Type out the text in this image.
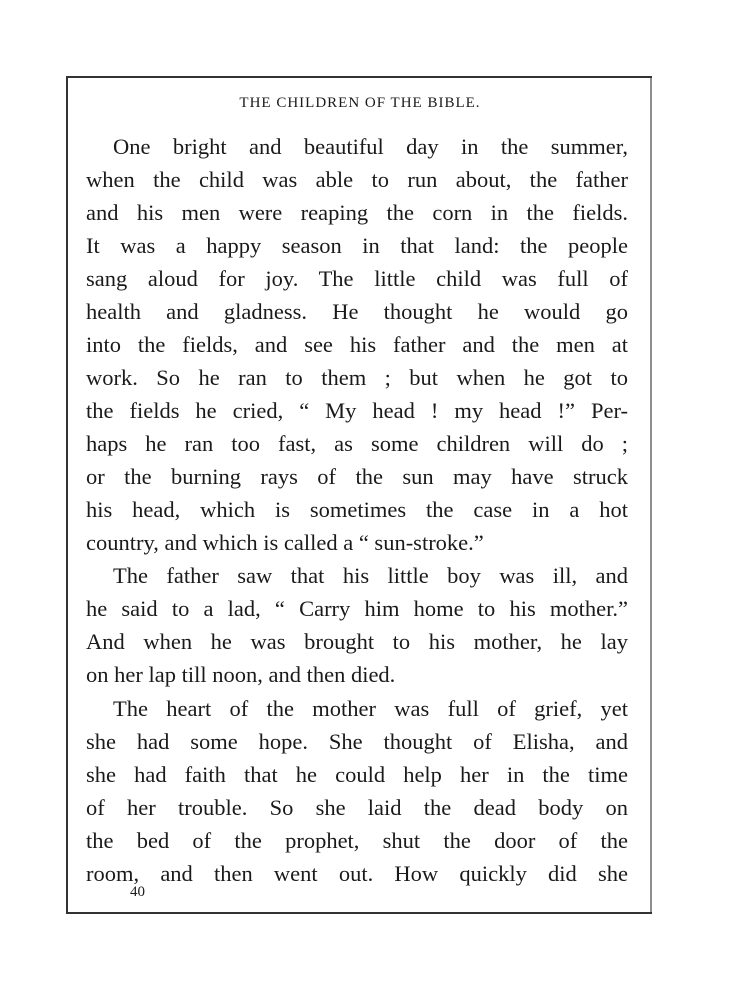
THE CHILDREN OF THE BIBLE.
One bright and beautiful day in the summer,
when the child was able to run about, the father
and his men were reaping the corn in the fields.
It was a happy season in that land: the people
sang aloud for joy. The little child was full of
health and gladness. He thought he would go
into the fields, and see his father and the men at
work. So he ran to them ; but when he got to
the fields he cried, “ My head ! my head !” Per-
haps he ran too fast, as some children will do ;
or the burning rays of the sun may have struck
his head, which is sometimes the case in a hot
country, and which is called a “ sun-stroke.”
The father saw that his little boy was ill, and
he said to a lad, “ Carry him home to his mother.”
And when he was brought to his mother, he lay
on her lap till noon, and then died.
The heart of the mother was full of grief, yet
she had some hope. She thought of Elisha, and
she had faith that he could help her in the time
of her trouble. So she laid the dead body on
the bed of the prophet, shut the door of the
room, and then went out. How quickly did she
40
